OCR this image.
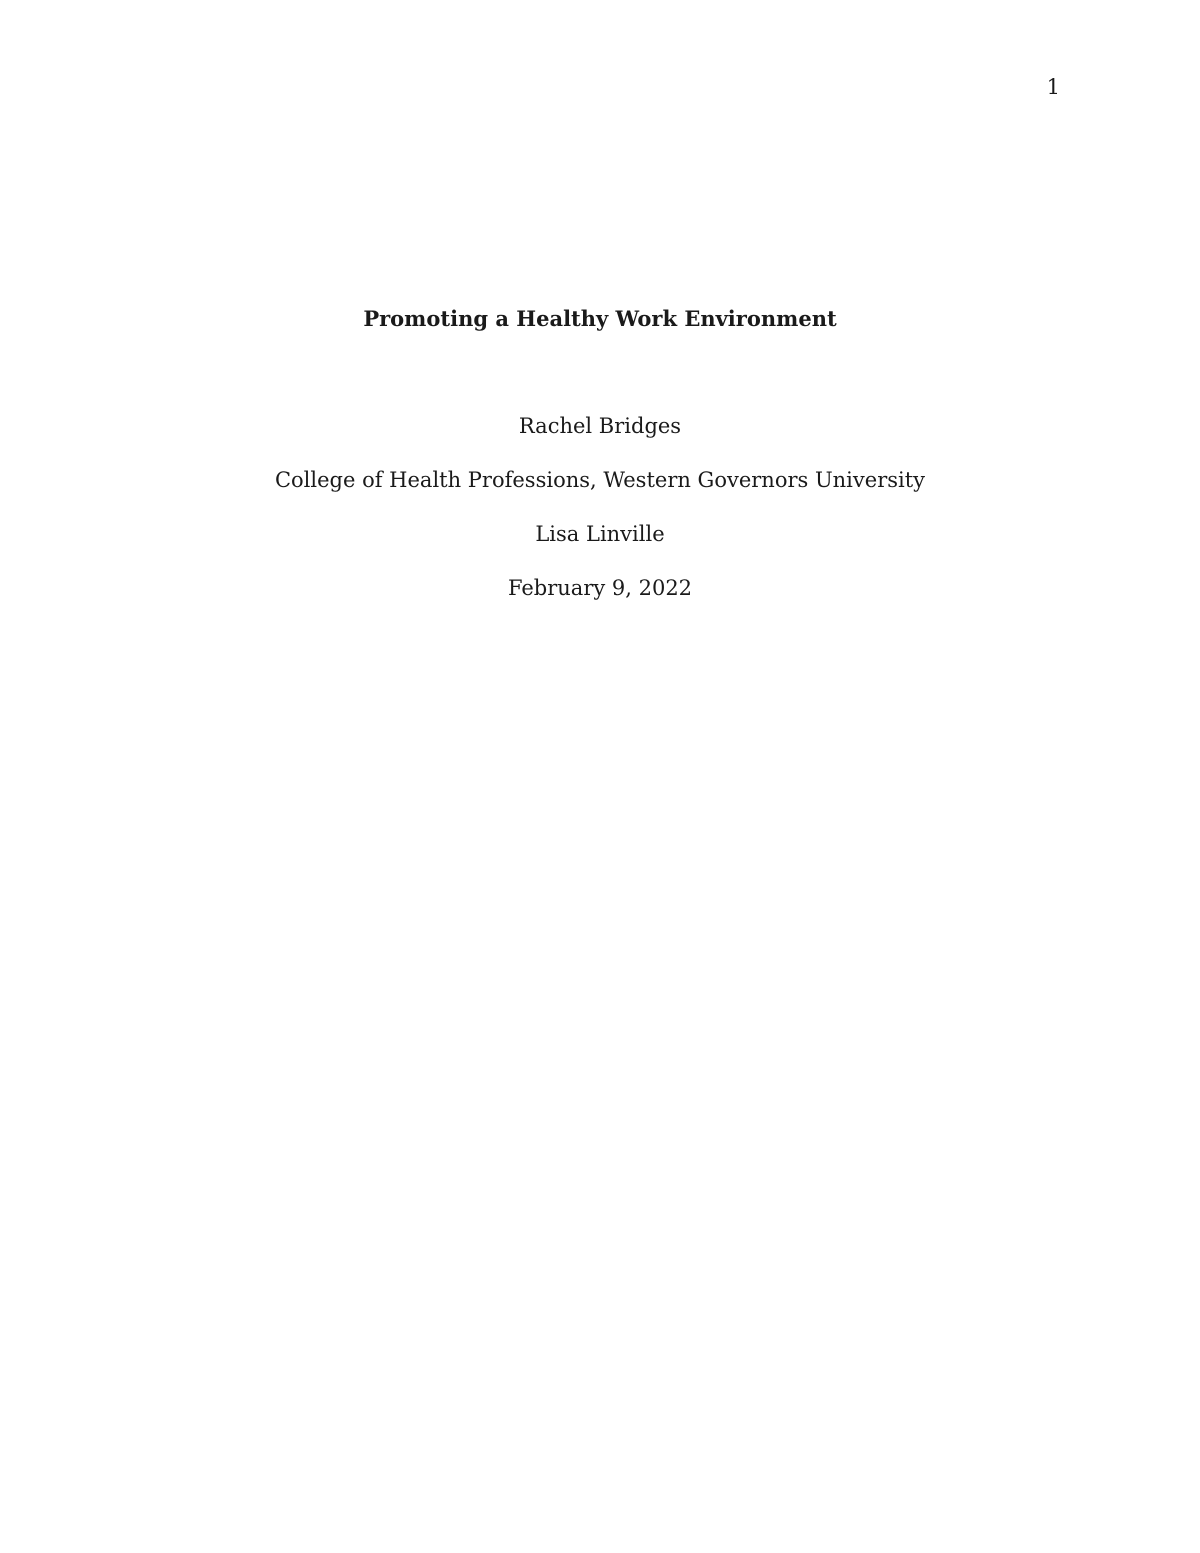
1
Promoting a Healthy Work Environment
Rachel Bridges
College of Health Professions, Western Governors University
Lisa Linville
February 9, 2022
